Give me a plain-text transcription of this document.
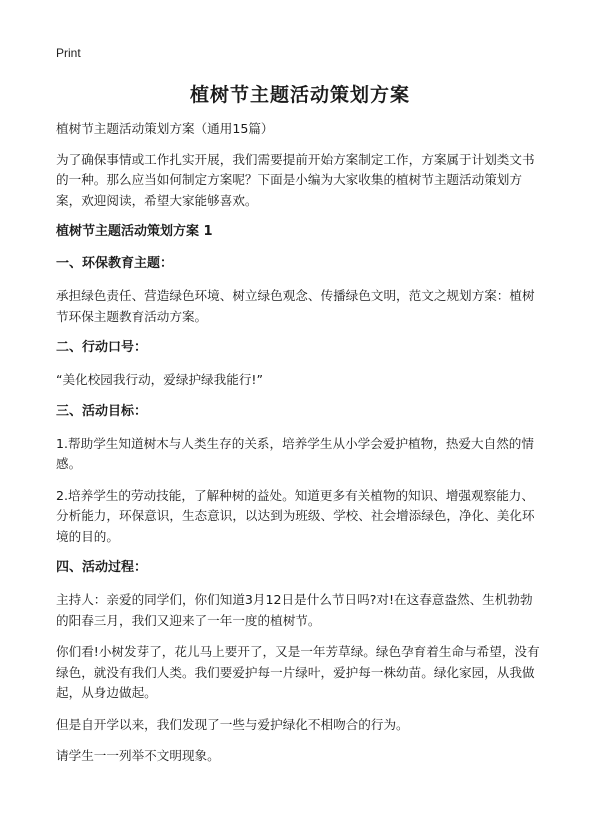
Print
植树节主题活动策划方案

植树节主题活动策划方案（通用15篇）

为了确保事情或工作扎实开展，我们需要提前开始方案制定工作，方案属于计划类文书的一种。那么应当如何制定方案呢？下面是小编为大家收集的植树节主题活动策划方案，欢迎阅读，希望大家能够喜欢。

植树节主题活动策划方案 1
一、环保教育主题：

承担绿色责任、营造绿色环境、树立绿色观念、传播绿色文明，范文之规划方案：植树节环保主题教育活动方案。

二、行动口号：

“美化校园我行动，爱绿护绿我能行!”

三、活动目标：

1.帮助学生知道树木与人类生存的关系，培养学生从小学会爱护植物，热爱大自然的情感。

2.培养学生的劳动技能，了解种树的益处。知道更多有关植物的知识、增强观察能力、分析能力，环保意识，生态意识，以达到为班级、学校、社会增添绿色，净化、美化环境的目的。

四、活动过程：

主持人：亲爱的同学们，你们知道3月12日是什么节日吗?对!在这春意盎然、生机勃勃的阳春三月，我们又迎来了一年一度的植树节。

你们看!小树发芽了，花儿马上要开了，又是一年芳草绿。绿色孕育着生命与希望，没有绿色，就没有我们人类。我们要爱护每一片绿叶，爱护每一株幼苗。绿化家园，从我做起，从身边做起。

但是自开学以来，我们发现了一些与爱护绿化不相吻合的行为。

请学生一一列举不文明现象。
